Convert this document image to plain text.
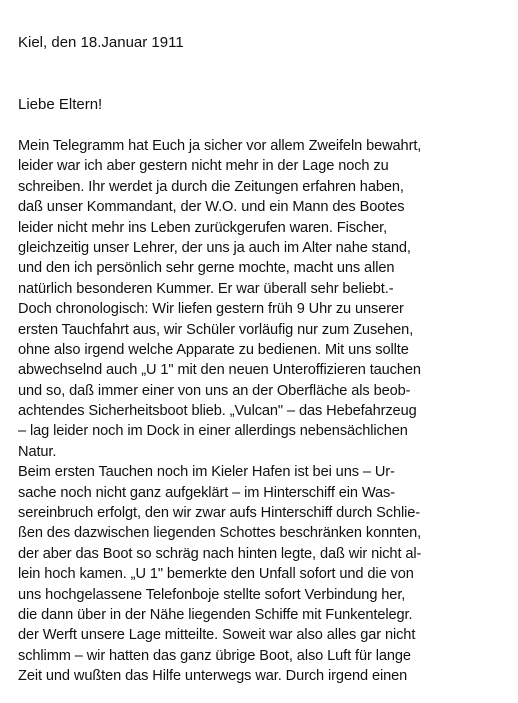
Kiel, den 18.Januar 1911
Liebe Eltern!
Mein Telegramm hat Euch ja sicher vor allem Zweifeln bewahrt,
leider war ich aber gestern nicht mehr in der Lage noch zu
schreiben. Ihr werdet ja durch die Zeitungen erfahren haben,
daß unser Kommandant, der W.O. und ein Mann des Bootes
leider nicht mehr ins Leben zurückgerufen waren. Fischer,
gleichzeitig unser Lehrer, der uns ja auch im Alter nahe stand,
und den ich persönlich sehr gerne mochte, macht uns allen
natürlich besonderen Kummer. Er war überall sehr beliebt.-
Doch chronologisch: Wir liefen gestern früh 9 Uhr zu unserer
ersten Tauchfahrt aus, wir Schüler vorläufig nur zum Zusehen,
ohne also irgend welche Apparate zu bedienen. Mit uns sollte
abwechselnd auch „U 1" mit den neuen Unteroffizieren tauchen
und so, daß immer einer von uns an der Oberfläche als beob-
achtendes Sicherheitsboot blieb. „Vulcan" – das Hebefahrzeug
– lag leider noch im Dock in einer allerdings nebensächlichen
Natur.
Beim ersten Tauchen noch im Kieler Hafen ist bei uns – Ur-
sache noch nicht ganz aufgeklärt – im Hinterschiff ein Was-
sereinbruch erfolgt, den wir zwar aufs Hinterschiff durch Schlie-
ßen des dazwischen liegenden Schottes beschränken konnten,
der aber das Boot so schräg nach hinten legte, daß wir nicht al-
lein hoch kamen. „U 1" bemerkte den Unfall sofort und die von
uns hochgelassene Telefonboje stellte sofort Verbindung her,
die dann über in der Nähe liegenden Schiffe mit Funkentelegr.
der Werft unsere Lage mitteilte. Soweit war also alles gar nicht
schlimm – wir hatten das ganz übrige Boot, also Luft für lange
Zeit und wußten das Hilfe unterwegs war. Durch irgend einen
